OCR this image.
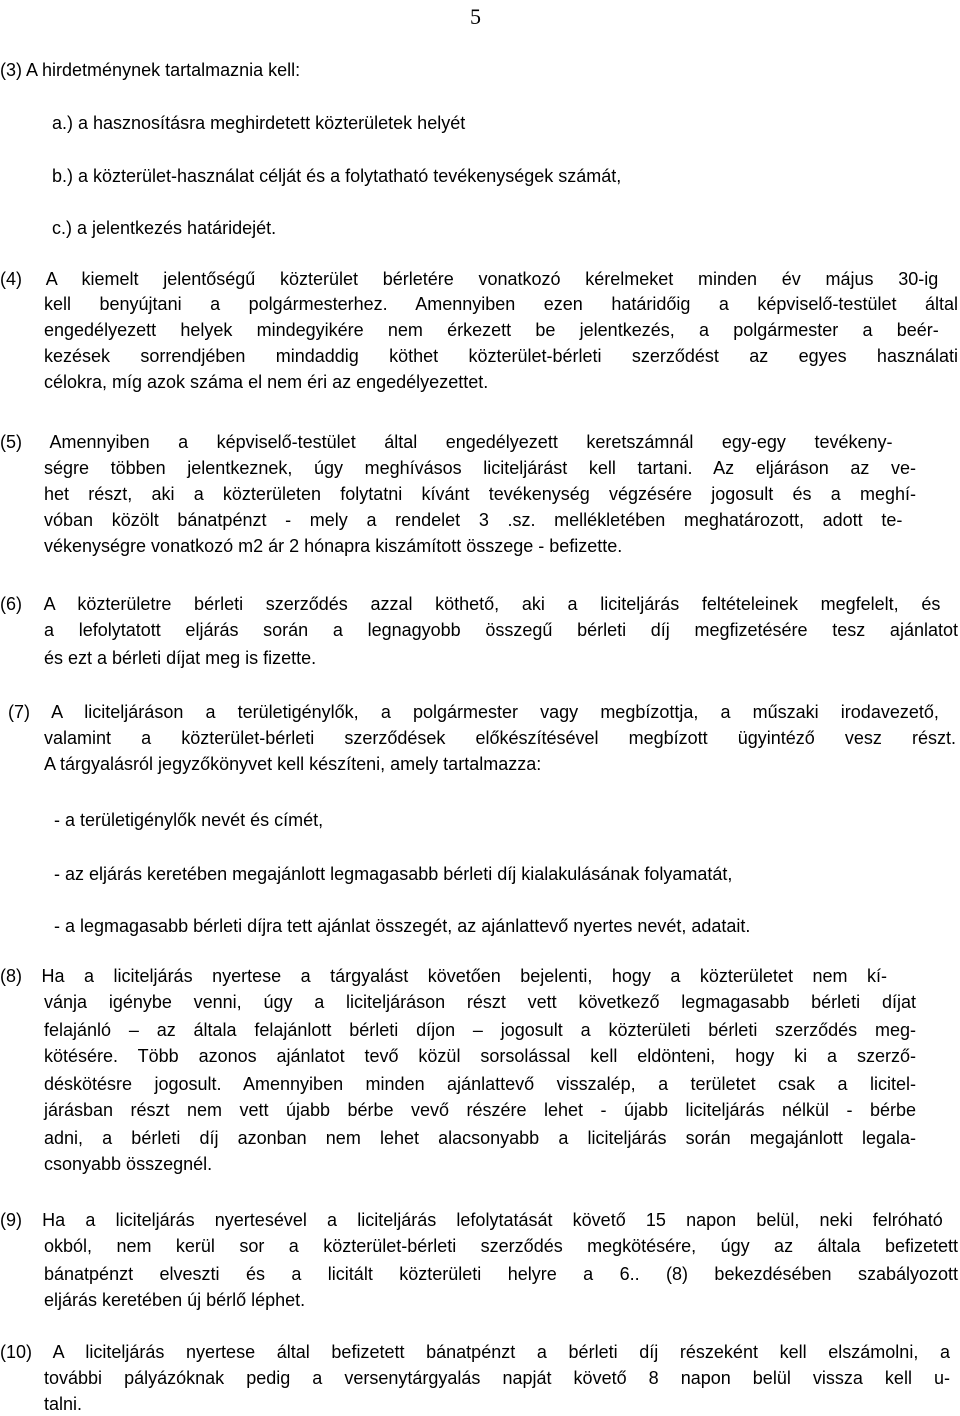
5
(3) A hirdetménynek tartalmaznia kell:
a.) a hasznosításra meghirdetett közterületek helyét
b.) a közterület-használat célját és a folytatható tevékenységek számát,
c.) a jelentkezés határidejét.
(4) A kiemelt jelentőségű közterület bérletére vonatkozó kérelmeket minden év május 30-ig
kell benyújtani a polgármesterhez. Amennyiben ezen határidőig a képviselő-testület által
engedélyezett helyek mindegyikére nem érkezett be jelentkezés, a polgármester a beér-
kezések sorrendjében mindaddig köthet közterület-bérleti szerződést az egyes használati
célokra, míg azok száma el nem éri az engedélyezettet.
(5) Amennyiben a képviselő-testület által engedélyezett keretszámnál egy-egy tevékeny-
ségre többen jelentkeznek, úgy meghívásos liciteljárást kell tartani. Az eljáráson az ve-
het részt, aki a közterületen folytatni kívánt tevékenység végzésére jogosult és a meghí-
vóban közölt bánatpénzt - mely a rendelet 3 .sz. mellékletében meghatározott, adott te-
vékenységre vonatkozó m2 ár 2 hónapra kiszámított összege - befizette.
(6) A közterületre bérleti szerződés azzal köthető, aki a liciteljárás feltételeinek megfelelt, és
a lefolytatott eljárás során a legnagyobb összegű bérleti díj megfizetésére tesz ajánlatot
és ezt a bérleti díjat meg is fizette.
(7) A liciteljáráson a területigénylők, a polgármester vagy megbízottja, a műszaki irodavezető,
valamint a közterület-bérleti szerződések előkészítésével megbízott ügyintéző vesz részt.
A tárgyalásról jegyzőkönyvet kell készíteni, amely tartalmazza:
- a területigénylők nevét és címét,
- az eljárás keretében megajánlott legmagasabb bérleti díj kialakulásának folyamatát,
- a legmagasabb bérleti díjra tett ajánlat összegét, az ajánlattevő nyertes nevét, adatait.
(8) Ha a liciteljárás nyertese a tárgyalást követően bejelenti, hogy a közterületet nem kí-
vánja igénybe venni, úgy a liciteljáráson részt vett következő legmagasabb bérleti díjat
felajánló – az általa felajánlott bérleti díjon – jogosult a közterületi bérleti szerződés meg-
kötésére. Több azonos ajánlatot tevő közül sorsolással kell eldönteni, hogy ki a szerző-
déskötésre jogosult. Amennyiben minden ajánlattevő visszalép, a területet csak a licitel-
járásban részt nem vett újabb bérbe vevő részére lehet - újabb liciteljárás nélkül - bérbe
adni, a bérleti díj azonban nem lehet alacsonyabb a liciteljárás során megajánlott legala-
csonyabb összegnél.
(9) Ha a liciteljárás nyertesével a liciteljárás lefolytatását követő 15 napon belül, neki felróható
okból, nem kerül sor a közterület-bérleti szerződés megkötésére, úgy az általa befizetett
bánatpénzt elveszti és a licitált közterületi helyre a 6.. (8) bekezdésében szabályozott
eljárás keretében új bérlő léphet.
(10) A liciteljárás nyertese által befizetett bánatpénzt a bérleti díj részeként kell elszámolni, a
további pályázóknak pedig a versenytárgyalás napját követő 8 napon belül vissza kell u-
talni.
